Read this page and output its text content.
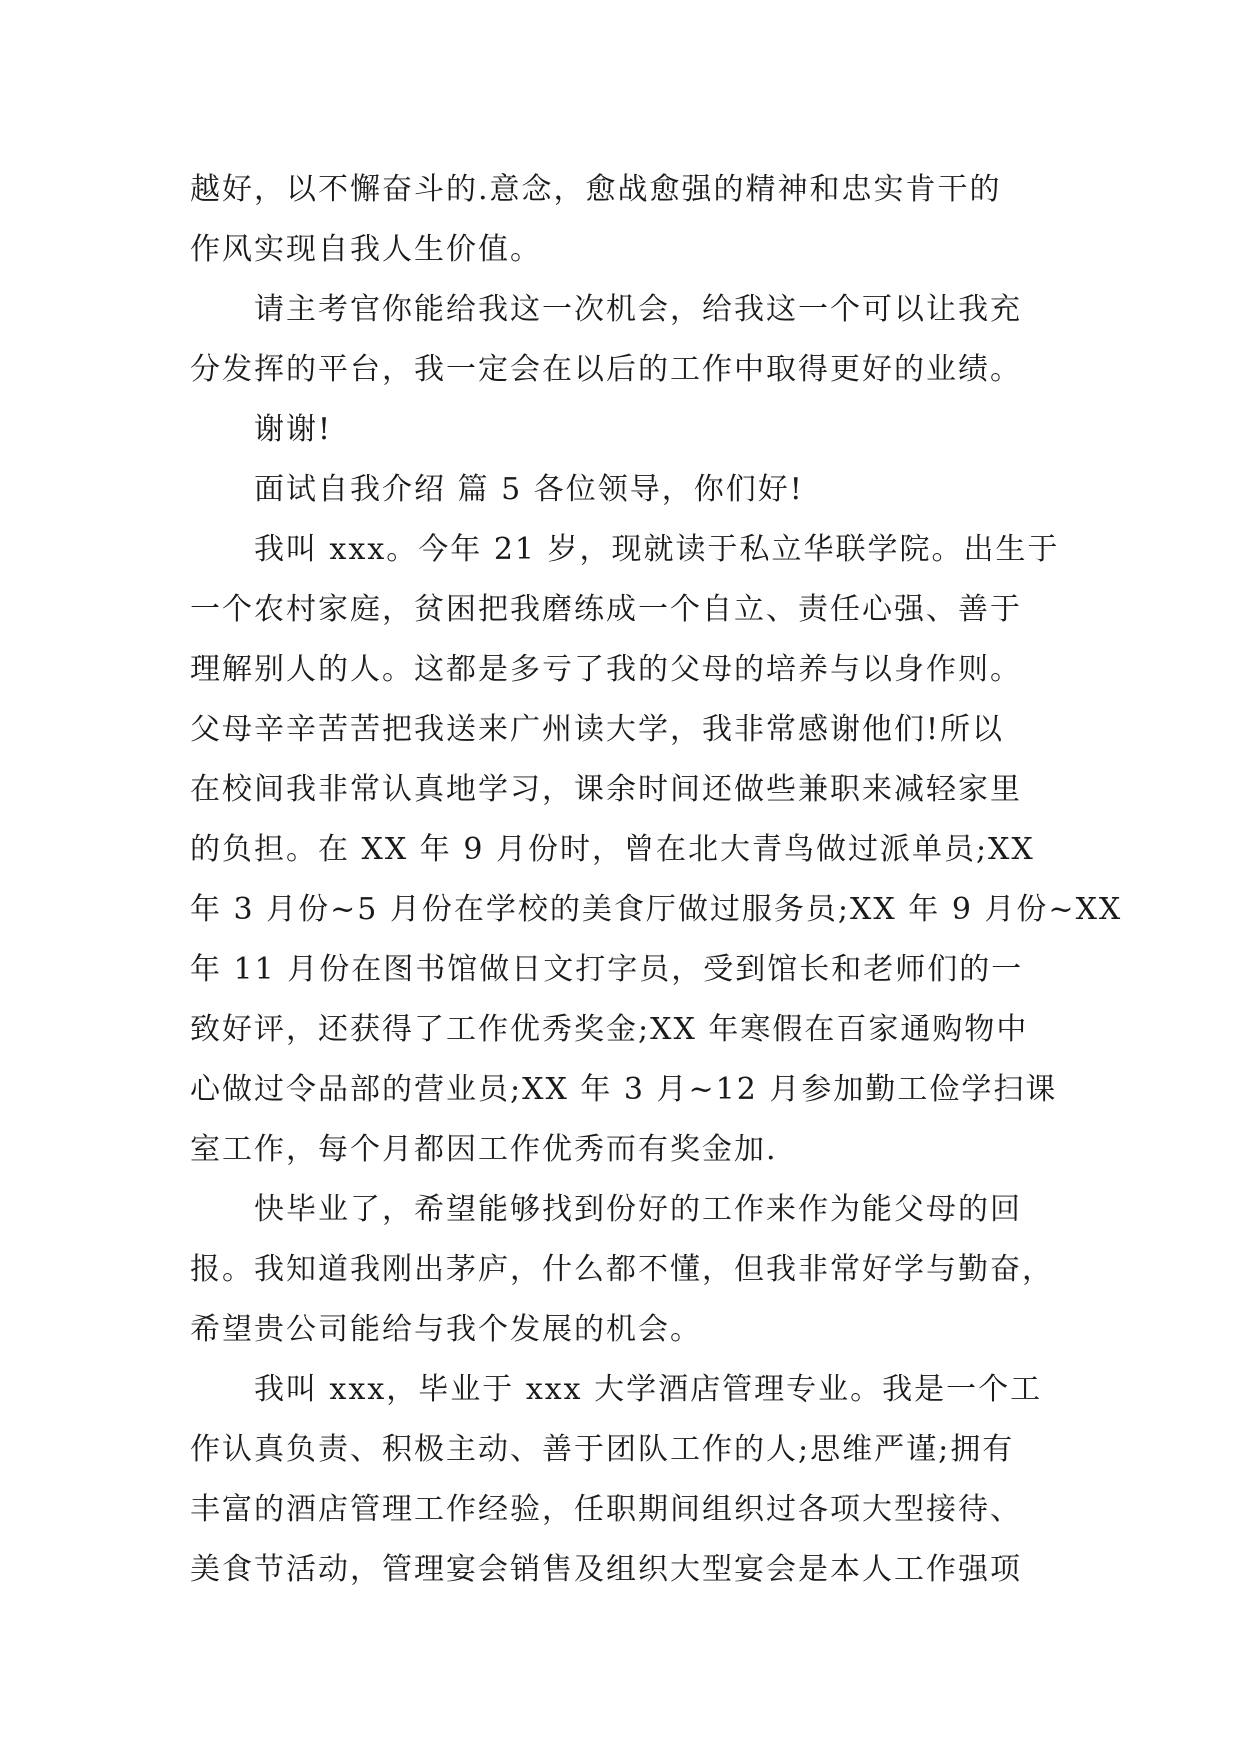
越好，以不懈奋斗的.意念，愈战愈强的精神和忠实肯干的
作风实现自我人生价值。
请主考官你能给我这一次机会，给我这一个可以让我充
分发挥的平台，我一定会在以后的工作中取得更好的业绩。
谢谢!
面试自我介绍 篇 5 各位领导，你们好!
我叫 xxx。今年 21 岁，现就读于私立华联学院。出生于
一个农村家庭，贫困把我磨练成一个自立、责任心强、善于
理解别人的人。这都是多亏了我的父母的培养与以身作则。
父母辛辛苦苦把我送来广州读大学，我非常感谢他们!所以
在校间我非常认真地学习，课余时间还做些兼职来减轻家里
的负担。在 XX 年 9 月份时，曾在北大青鸟做过派单员;XX
年 3 月份~5 月份在学校的美食厅做过服务员;XX 年 9 月份~XX
年 11 月份在图书馆做日文打字员，受到馆长和老师们的一
致好评，还获得了工作优秀奖金;XX 年寒假在百家通购物中
心做过令品部的营业员;XX 年 3 月~12 月参加勤工俭学扫课
室工作，每个月都因工作优秀而有奖金加.
快毕业了，希望能够找到份好的工作来作为能父母的回
报。我知道我刚出茅庐，什么都不懂，但我非常好学与勤奋，
希望贵公司能给与我个发展的机会。
我叫 xxx，毕业于 xxx 大学酒店管理专业。我是一个工
作认真负责、积极主动、善于团队工作的人;思维严谨;拥有
丰富的酒店管理工作经验，任职期间组织过各项大型接待、
美食节活动，管理宴会销售及组织大型宴会是本人工作强项
